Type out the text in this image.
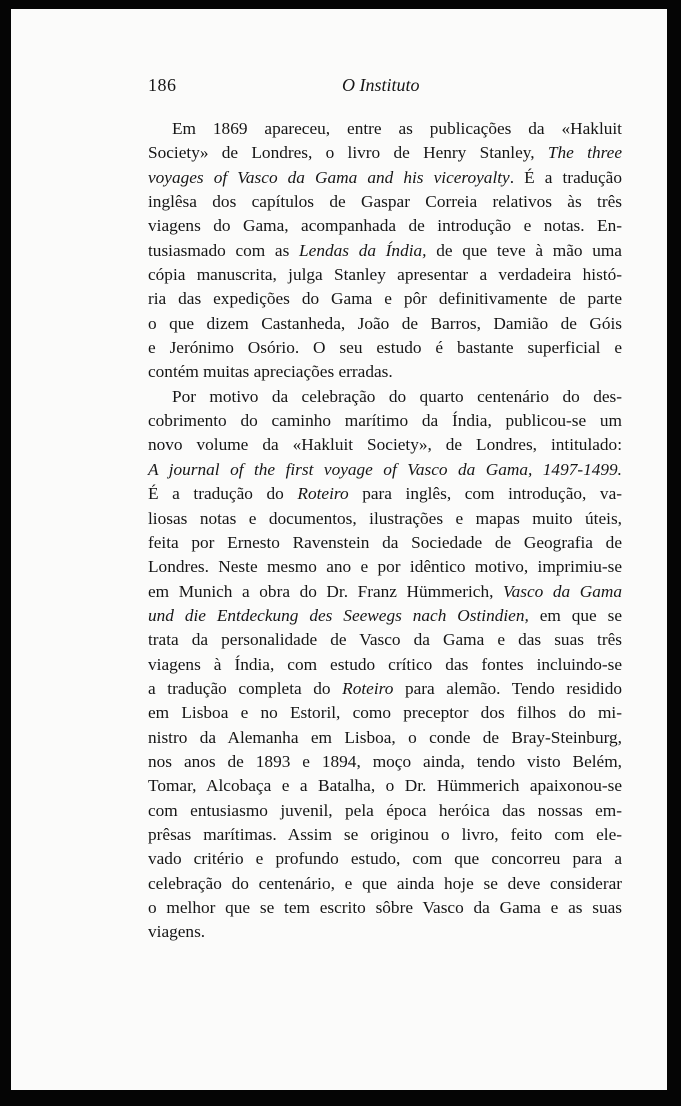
186	O Instituto
Em 1869 apareceu, entre as publicações da «Hakluit
Society» de Londres, o livro de Henry Stanley, The three
voyages of Vasco da Gama and his viceroyalty. É a tradução
inglêsa dos capítulos de Gaspar Correia relativos às três
viagens do Gama, acompanhada de introdução e notas. En-
tusiasmado com as Lendas da Índia, de que teve à mão uma
cópia manuscrita, julga Stanley apresentar a verdadeira histó-
ria das expedições do Gama e pôr definitivamente de parte
o que dizem Castanheda, João de Barros, Damião de Góis
e Jerónimo Osório. O seu estudo é bastante superficial e
contém muitas apreciações erradas.
Por motivo da celebração do quarto centenário do des-
cobrimento do caminho marítimo da Índia, publicou-se um
novo volume da «Hakluit Society», de Londres, intitulado:
A journal of the first voyage of Vasco da Gama, 1497-1499.
É a tradução do Roteiro para inglês, com introdução, va-
liosas notas e documentos, ilustrações e mapas muito úteis,
feita por Ernesto Ravenstein da Sociedade de Geografia de
Londres. Neste mesmo ano e por idêntico motivo, imprimiu-se
em Munich a obra do Dr. Franz Hümmerich, Vasco da Gama
und die Entdeckung des Seewegs nach Ostindien, em que se
trata da personalidade de Vasco da Gama e das suas três
viagens à Índia, com estudo crítico das fontes incluindo-se
a tradução completa do Roteiro para alemão. Tendo residido
em Lisboa e no Estoril, como preceptor dos filhos do mi-
nistro da Alemanha em Lisboa, o conde de Bray-Steinburg,
nos anos de 1893 e 1894, moço ainda, tendo visto Belém,
Tomar, Alcobaça e a Batalha, o Dr. Hümmerich apaixonou-se
com entusiasmo juvenil, pela época heróica das nossas em-
prêsas marítimas. Assim se originou o livro, feito com ele-
vado critério e profundo estudo, com que concorreu para a
celebração do centenário, e que ainda hoje se deve considerar
o melhor que se tem escrito sôbre Vasco da Gama e as suas
viagens.
